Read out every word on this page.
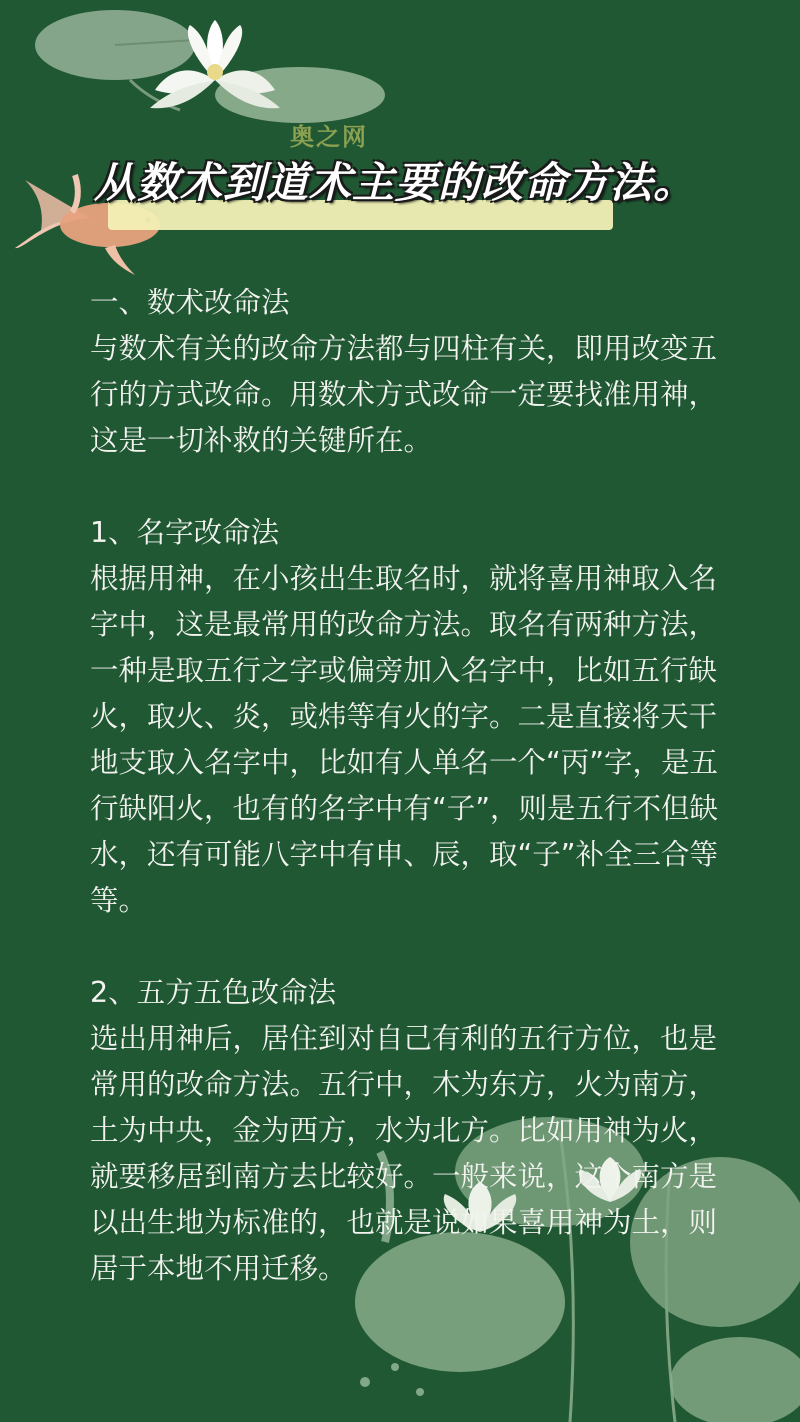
奥之网
从数术到道术主要的改命方法。

一、数术改命法

与数术有关的改命方法都与四柱有关，即用改变五行的方式改命。用数术方式改命一定要找准用神，这是一切补救的关键所在。

1、名字改命法

根据用神，在小孩出生取名时，就将喜用神取入名字中，这是最常用的改命方法。取名有两种方法，一种是取五行之字或偏旁加入名字中，比如五行缺火，取火、炎，或炜等有火的字。二是直接将天干地支取入名字中，比如有人单名一个“丙”字，是五行缺阳火，也有的名字中有“子”，则是五行不但缺水，还有可能八字中有申、辰，取“子”补全三合等等。

2、五方五色改命法

选出用神后，居住到对自己有利的五行方位，也是常用的改命方法。五行中，木为东方，火为南方，土为中央，金为西方，水为北方。比如用神为火，就要移居到南方去比较好。一般来说，这个南方是以出生地为标准的，也就是说如果喜用神为土，则居于本地不用迁移。
